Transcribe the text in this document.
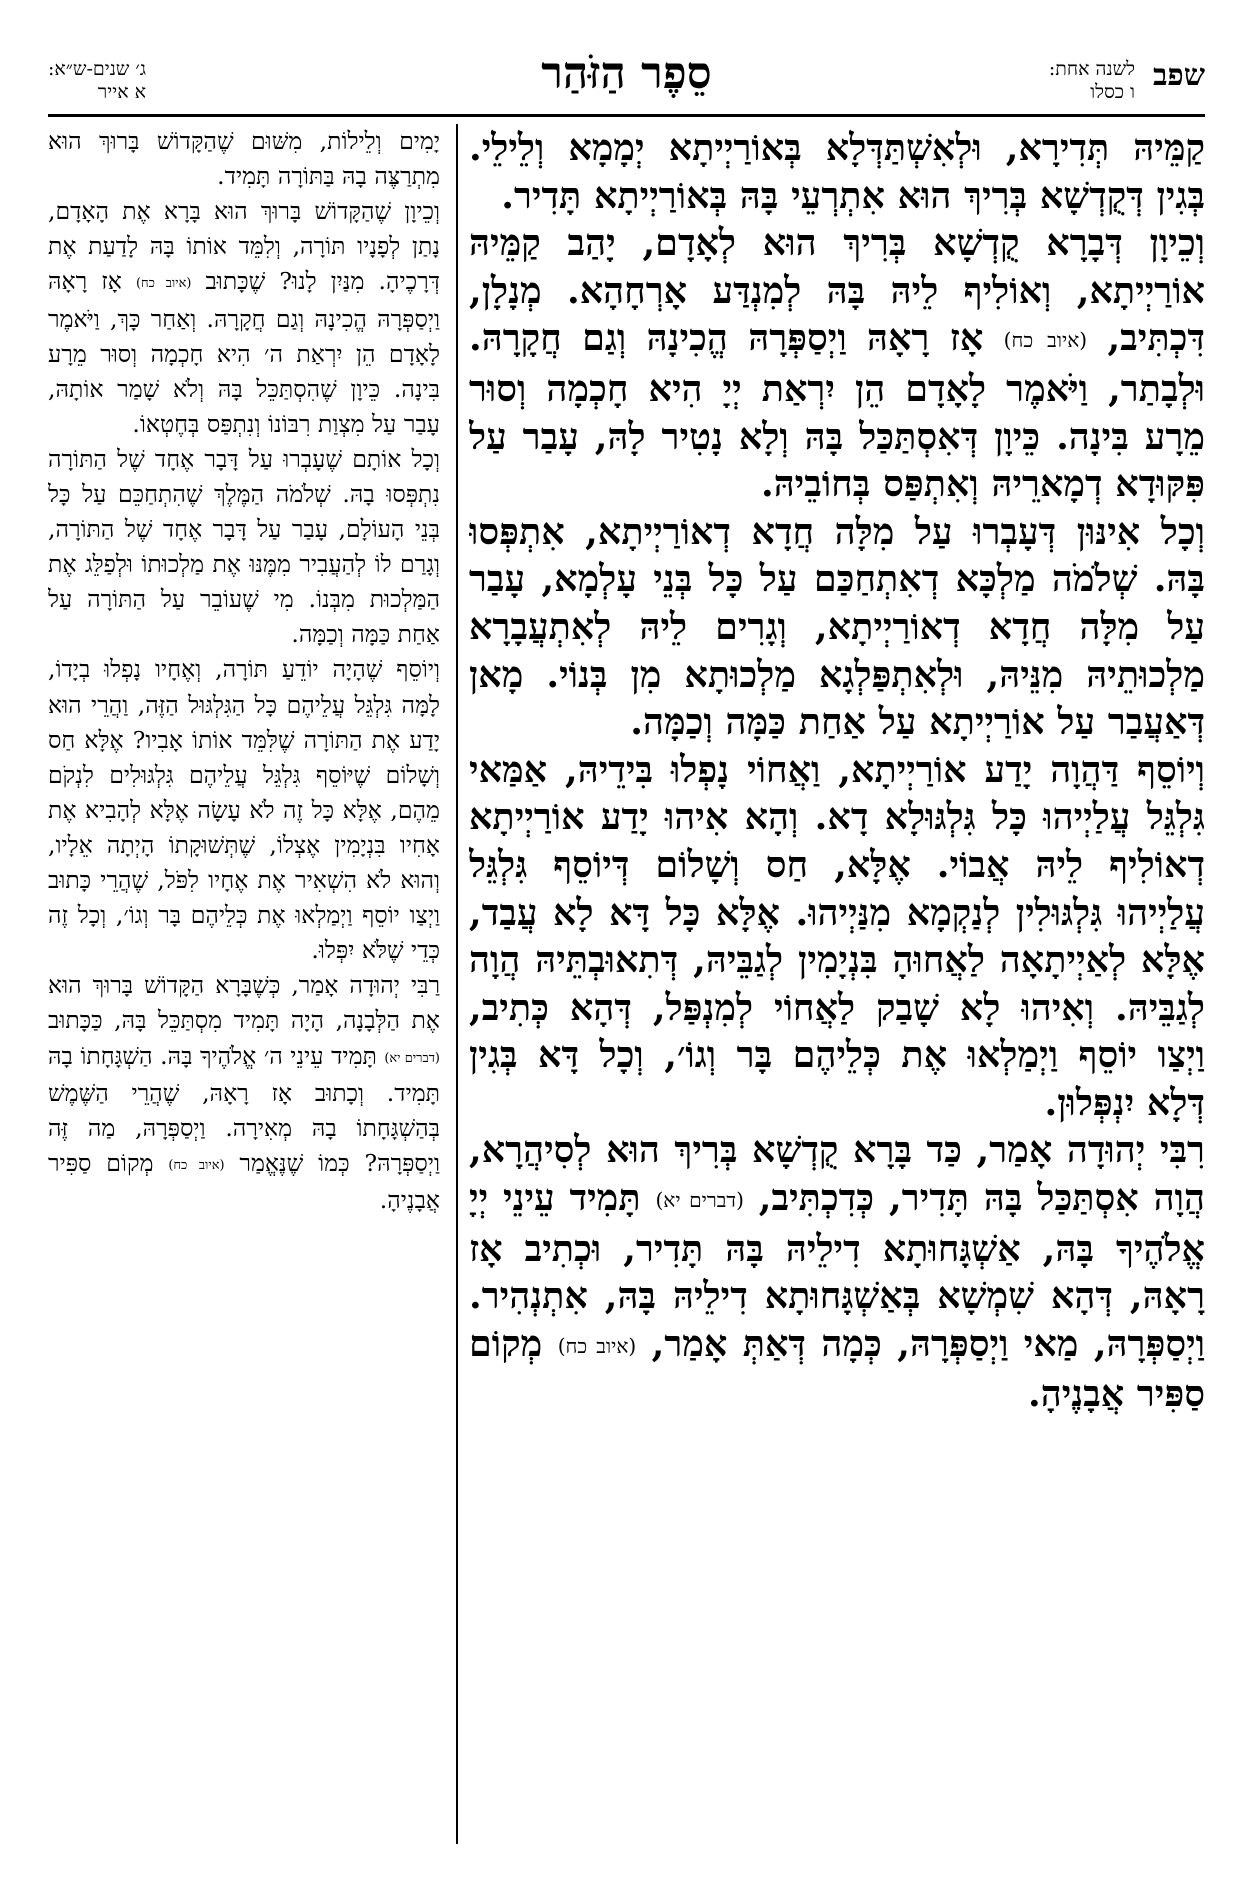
שפב
לשנה אחת:
ו כסלו
סֵפֶר הַזֹּהַר
ג׳ שנים-ש״א:
א אייר

קַמֵּיהּ תְּדִירָא, וּלְאִשְׁתַּדְּלָא בְּאוֹרַיְיתָא יְמָמָא וְלֵילֵי. בְּגִין דְּקֻדְשָׁא בְּרִיךְ הוּא אִתְרְעֵי בָּהּ בְּאוֹרַיְיתָא תָּדִיר.

וְכֵיוָן דְּבָרָא קֻדְשָׁא בְּרִיךְ הוּא לְאָדָם, יָהַב קַמֵּיהּ אוֹרַיְיתָא, וְאוֹלִיף לֵיהּ בָּהּ לְמִנְדַּע אָרְחָהָא. מְנָלָן, דִּכְתִּיב, (איוב כח) אָז רָאָהּ וַיְסַפְּרָהּ הֱכִינָהּ וְגַם חֲקָרָהּ. וּלְבָתַר, וַיֹּאמֶר לָאָדָם הֵן יִרְאַת יְיָ הִיא חָכְמָה וְסוּר מֵרָע בִּינָה. כֵּיוָן דְּאִסְתַּכַּל בָּהּ וְלָא נָטִיר לָהּ, עָבַר עַל פִּקּוּדָא דְמָארֵיהּ וְאִתְפַּס בְּחוֹבֵיהּ.

וְכָל אִינּוּן דְּעָבְרוּ עַל מִלָּה חֲדָא דְאוֹרַיְיתָא, אִתְפְּסוּ בָּהּ. שְׁלֹמֹה מַלְכָּא דְאִתְחַכַּם עַל כָּל בְּנֵי עָלְמָא, עָבַר עַל מִלָּה חֲדָא דְאוֹרַיְיתָא, וְגָרִים לֵיהּ לְאִתְעֲבָרָא מַלְכוּתֵיהּ מִנֵּיהּ, וּלְאִתְפַּלְגָא מַלְכוּתָא מִן בְּנוֹי. מָאן דְּאַעֲבַר עַל אוֹרַיְיתָא עַל אַחַת כַּמָּה וְכַמָּה.

וְיוֹסֵף דַּהֲוָה יָדַע אוֹרַיְיתָא, וַאֲחוֹי נָפְלוּ בִּידֵיהּ, אַמַּאי גִּלְגֵּל עֲלַיְיהוּ כָּל גִּלְגּוּלָא דָא. וְהָא אִיהוּ יָדַע אוֹרַיְיתָא דְאוֹלִיף לֵיהּ אֲבוֹי. אֶלָּא, חַס וְשָׁלוֹם דְּיוֹסֵף גִּלְגֵּל עֲלַיְיהוּ גִּלְגּוּלִין לְנַקְמָא מִנַּיְיהוּ. אֶלָּא כָּל דָּא לָא עֲבַד, אֶלָּא לְאַיְיתָאָה לַאֲחוּהָ בִּנְיָמִין לְגַבֵּיהּ, דְּתִאוּבְתֵּיהּ הֲוָה לְגַבֵּיהּ. וְאִיהוּ לָא שָׁבַק לַאֲחוֹי לְמִנְפַּל, דְּהָא כְּתִיב, וַיְצַו יוֹסֵף וַיְמַלְאוּ אֶת כְּלֵיהֶם בָּר וְגוֹ׳, וְכָל דָּא בְּגִין דְּלָא יִנְפְּלוּן.

רִבִּי יְהוּדָה אָמַר, כַּד בָּרָא קֻדְשָׁא בְּרִיךְ הוּא לְסִיהֲרָא, הֲוָה אִסְתַּכַּל בָּהּ תָּדִיר, כְּדִכְתִּיב, (דברים יא) תָּמִיד עֵינֵי יְיָ אֱלֹהֶיךָ בָּהּ, אַשְׁגָּחוּתָא דִילֵיהּ בָּהּ תָּדִיר, וּכְתִיב אָז רָאָהּ, דְּהָא שִׁמְשָׁא בְּאַשְׁגָּחוּתָא דִילֵיהּ בָּהּ, אִתְנְהִיר. וַיְסַפְּרָהּ, מַאי וַיְסַפְּרָהּ, כְּמָה דְּאַתְּ אָמַר, (איוב כח) מְקוֹם סַפִּיר אֲבָנֶיהָ.

יָמִים וְלֵילוֹת, מִשּׁוּם שֶׁהַקָּדוֹשׁ בָּרוּךְ הוּא מִתְרַצֶּה בָהּ בַּתּוֹרָה תָּמִיד.

וְכֵיוָן שֶׁהַקָּדוֹשׁ בָּרוּךְ הוּא בָּרָא אֶת הָאָדָם, נָתַן לְפָנָיו תּוֹרָה, וְלִמֵּד אוֹתוֹ בָּהּ לָדַעַת אֶת דְּרָכֶיהָ. מִנַּיִן לָנוּ? שֶׁכָּתוּב (איוב כח) אָז רָאָהּ וַיְסַפְּרָהּ הֱכִינָהּ וְגַם חֲקָרָהּ. וְאַחַר כָּךְ, וַיֹּאמֶר לָאָדָם הֵן יִרְאַת ה׳ הִיא חָכְמָה וְסוּר מֵרָע בִּינָה. כֵּיוָן שֶׁהִסְתַּכֵּל בָּהּ וְלֹא שָׁמַר אוֹתָהּ, עָבַר עַל מִצְוַת רִבּוֹנוֹ וְנִתְפַּס בְּחֶטְאוֹ.

וְכָל אוֹתָם שֶׁעָבְרוּ עַל דָּבָר אֶחָד שֶׁל הַתּוֹרָה נִתְפְּסוּ בָהּ. שְׁלֹמֹה הַמֶּלֶךְ שֶׁהִתְחַכֵּם עַל כָּל בְּנֵי הָעוֹלָם, עָבַר עַל דָּבָר אֶחָד שֶׁל הַתּוֹרָה, וְגָרַם לוֹ לְהַעֲבִיר מִמֶּנּוּ אֶת מַלְכוּתוֹ וּלְפַלֵּג אֶת הַמַּלְכוּת מִבְּנוֹ. מִי שֶׁעוֹבֵר עַל הַתּוֹרָה עַל אַחַת כַּמָּה וְכַמָּה.

וְיוֹסֵף שֶׁהָיָה יוֹדֵעַ תּוֹרָה, וְאֶחָיו נָפְלוּ בְיָדוֹ, לָמָּה גִּלְגֵּל עֲלֵיהֶם כָּל הַגִּלְגּוּל הַזֶּה, וַהֲרֵי הוּא יָדַע אֶת הַתּוֹרָה שֶׁלִּמֵּד אוֹתוֹ אָבִיו? אֶלָּא חַס וְשָׁלוֹם שֶׁיּוֹסֵף גִּלְגֵּל עֲלֵיהֶם גִּלְגּוּלִים לִנְקֹם מֵהֶם, אֶלָּא כָּל זֶה לֹא עָשָׂה אֶלָּא לְהָבִיא אֶת אָחִיו בִּנְיָמִין אֶצְלוֹ, שֶׁתְּשׁוּקָתוֹ הָיְתָה אֵלָיו, וְהוּא לֹא הִשְׁאִיר אֶת אֶחָיו לִפֹּל, שֶׁהֲרֵי כָּתוּב וַיְצַו יוֹסֵף וַיְמַלְאוּ אֶת כְּלֵיהֶם בָּר וְגוֹ׳, וְכָל זֶה כְּדֵי שֶׁלֹּא יִפְּלוּ.

רַבִּי יְהוּדָה אָמַר, כְּשֶׁבָּרָא הַקָּדוֹשׁ בָּרוּךְ הוּא אֶת הַלְּבָנָה, הָיָה תָּמִיד מִסְתַּכֵּל בָּהּ, כַּכָּתוּב (דברים יא) תָּמִיד עֵינֵי ה׳ אֱלֹהֶיךָ בָּהּ. הַשְׁגָּחָתוֹ בָהּ תָּמִיד. וְכָתוּב אָז רָאָהּ, שֶׁהֲרֵי הַשֶּׁמֶשׁ בְּהַשְׁגָּחָתוֹ בָהּ מְאִירָה. וַיְסַפְּרָהּ, מַה זֶּה וַיְסַפְּרָהּ? כְּמוֹ שֶׁנֶּאֱמַר (איוב כח) מְקוֹם סַפִּיר אֲבָנֶיהָ.
